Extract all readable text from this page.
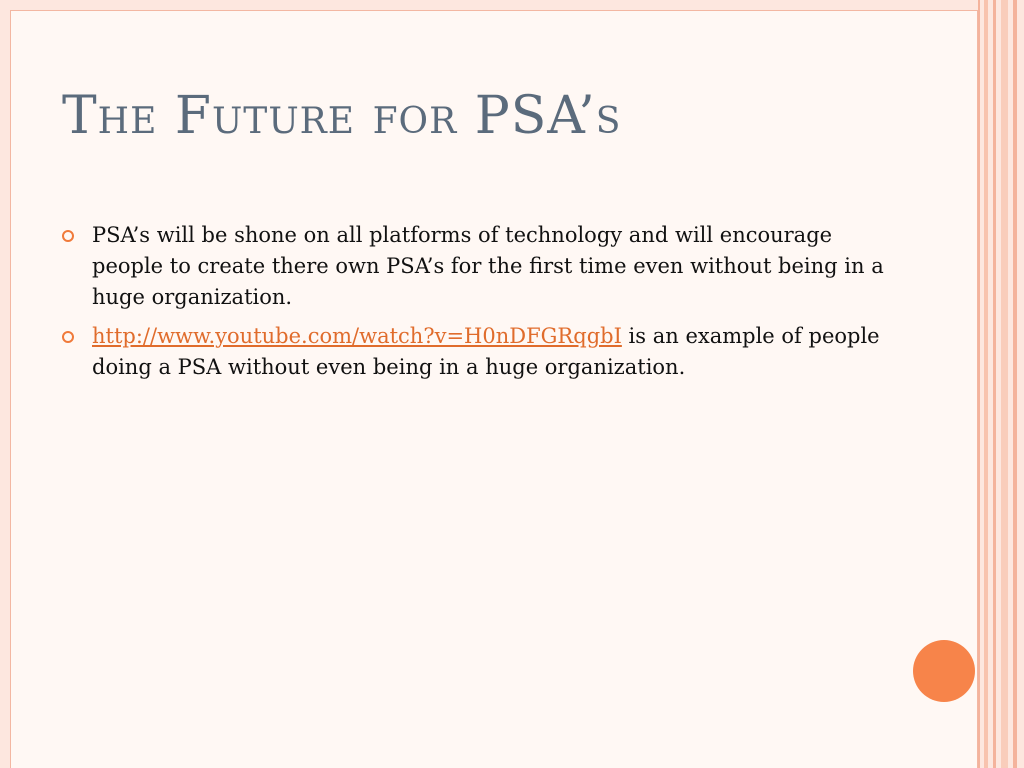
The Future for PSA’s
PSA’s will be shone on all platforms of technology and will encourage people to create there own PSA’s for the first time even without being in a huge organization.
http://www.youtube.com/watch?v=H0nDFGRqgbI is an example of people doing a PSA without even being in a huge organization.
